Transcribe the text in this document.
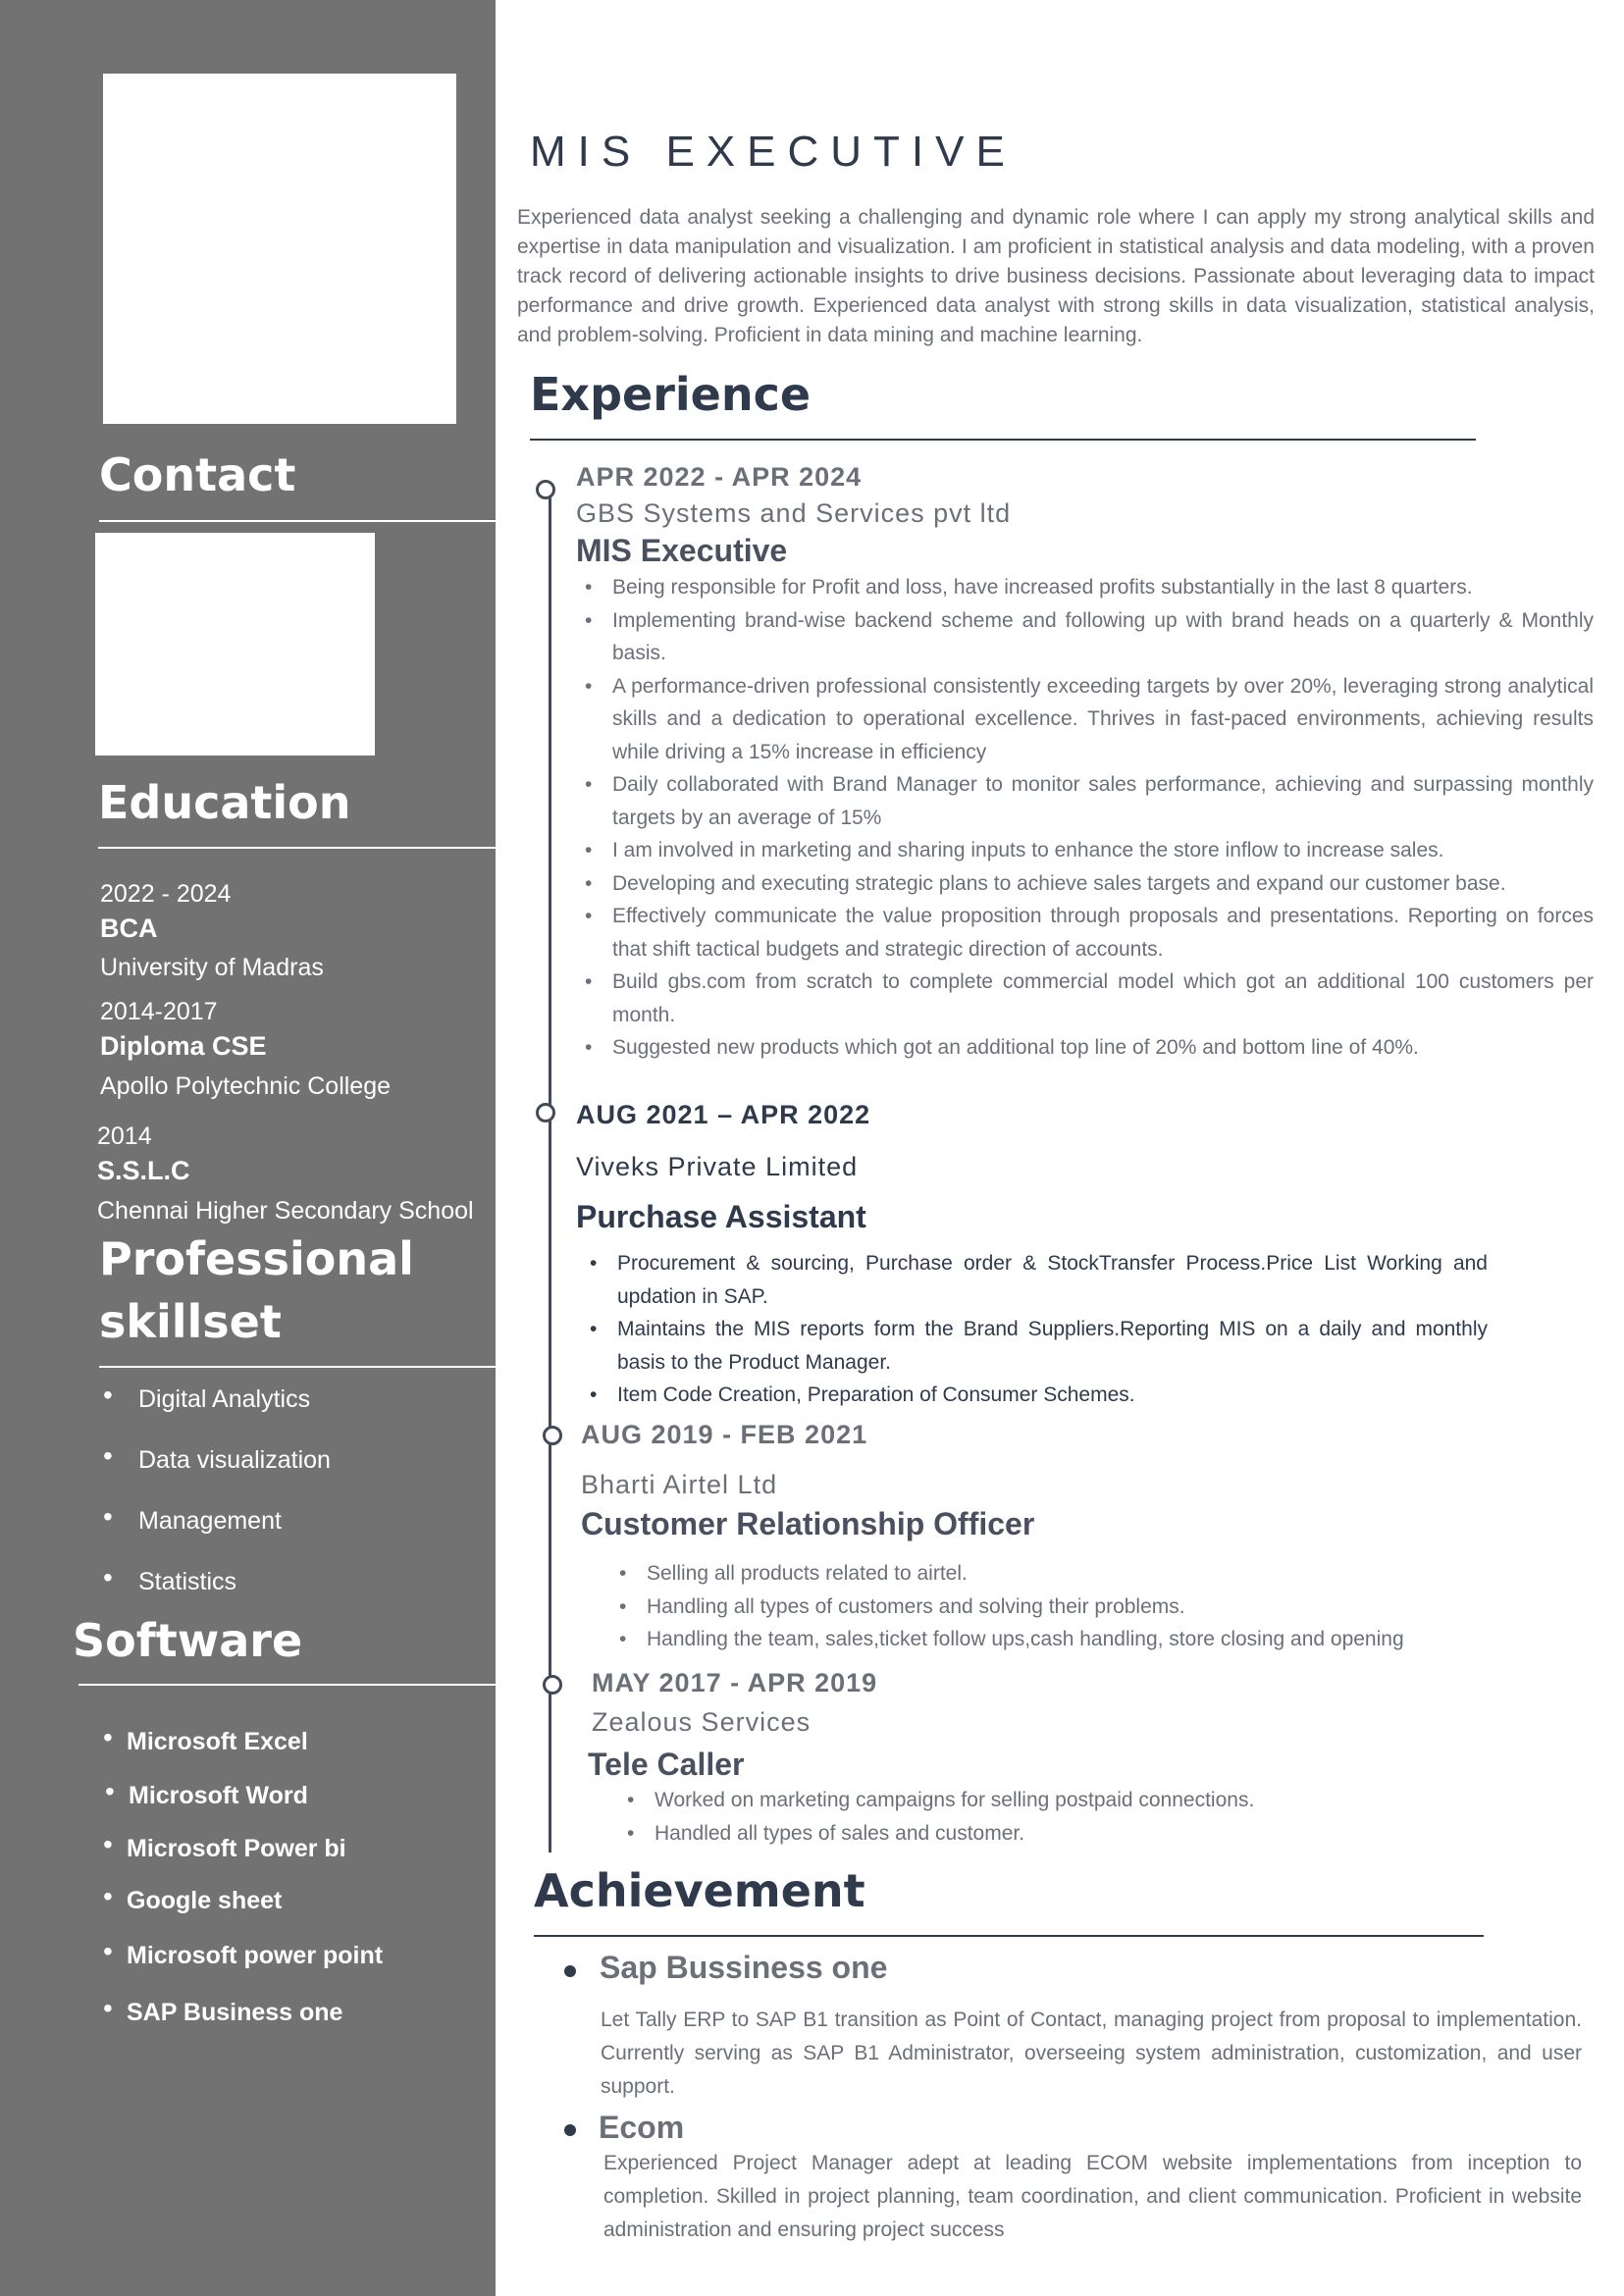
Contact
Education
2022 - 2024
BCA
University of Madras
2014-2017
Diploma CSE
Apollo Polytechnic College
2014
S.S.L.C
Chennai Higher Secondary School
Professional
skillset
• Digital Analytics
• Data visualization
• Management
• Statistics
Software
• Microsoft Excel
• Microsoft Word
• Microsoft Power bi
• Google sheet
• Microsoft power point
• SAP Business one
MIS EXECUTIVE
Experienced data analyst seeking a challenging and dynamic role where I can apply my strong analytical skills and expertise in data manipulation and visualization. I am proficient in statistical analysis and data modeling, with a proven track record of delivering actionable insights to drive business decisions. Passionate about leveraging data to impact performance and drive growth. Experienced data analyst with strong skills in data visualization, statistical analysis, and problem-solving. Proficient in data mining and machine learning.
Experience
APR 2022 - APR 2024
GBS Systems and Services pvt ltd
MIS Executive
• Being responsible for Profit and loss, have increased profits substantially in the last 8 quarters.
• Implementing brand-wise backend scheme and following up with brand heads on a quarterly & Monthly basis.
• A performance-driven professional consistently exceeding targets by over 20%, leveraging strong analytical skills and a dedication to operational excellence. Thrives in fast-paced environments, achieving results while driving a 15% increase in efficiency
• Daily collaborated with Brand Manager to monitor sales performance, achieving and surpassing monthly targets by an average of 15%
• I am involved in marketing and sharing inputs to enhance the store inflow to increase sales.
• Developing and executing strategic plans to achieve sales targets and expand our customer base.
• Effectively communicate the value proposition through proposals and presentations. Reporting on forces that shift tactical budgets and strategic direction of accounts.
• Build gbs.com from scratch to complete commercial model which got an additional 100 customers per month.
• Suggested new products which got an additional top line of 20% and bottom line of 40%.
AUG 2021 – APR 2022
Viveks Private Limited
Purchase Assistant
• Procurement & sourcing, Purchase order & StockTransfer Process.Price List Working and updation in SAP.
• Maintains the MIS reports form the Brand Suppliers.Reporting MIS on a daily and monthly basis to the Product Manager.
• Item Code Creation, Preparation of Consumer Schemes.
AUG 2019 - FEB 2021
Bharti Airtel Ltd
Customer Relationship Officer
• Selling all products related to airtel.
• Handling all types of customers and solving their problems.
• Handling the team, sales,ticket follow ups,cash handling, store closing and opening
MAY 2017 - APR 2019
Zealous Services
Tele Caller
• Worked on marketing campaigns for selling postpaid connections.
• Handled all types of sales and customer.
Achievement
Sap Bussiness one
Let Tally ERP to SAP B1 transition as Point of Contact, managing project from proposal to implementation. Currently serving as SAP B1 Administrator, overseeing system administration, customization, and user support.
Ecom
Experienced Project Manager adept at leading ECOM website implementations from inception to completion. Skilled in project planning, team coordination, and client communication. Proficient in website administration and ensuring project success
